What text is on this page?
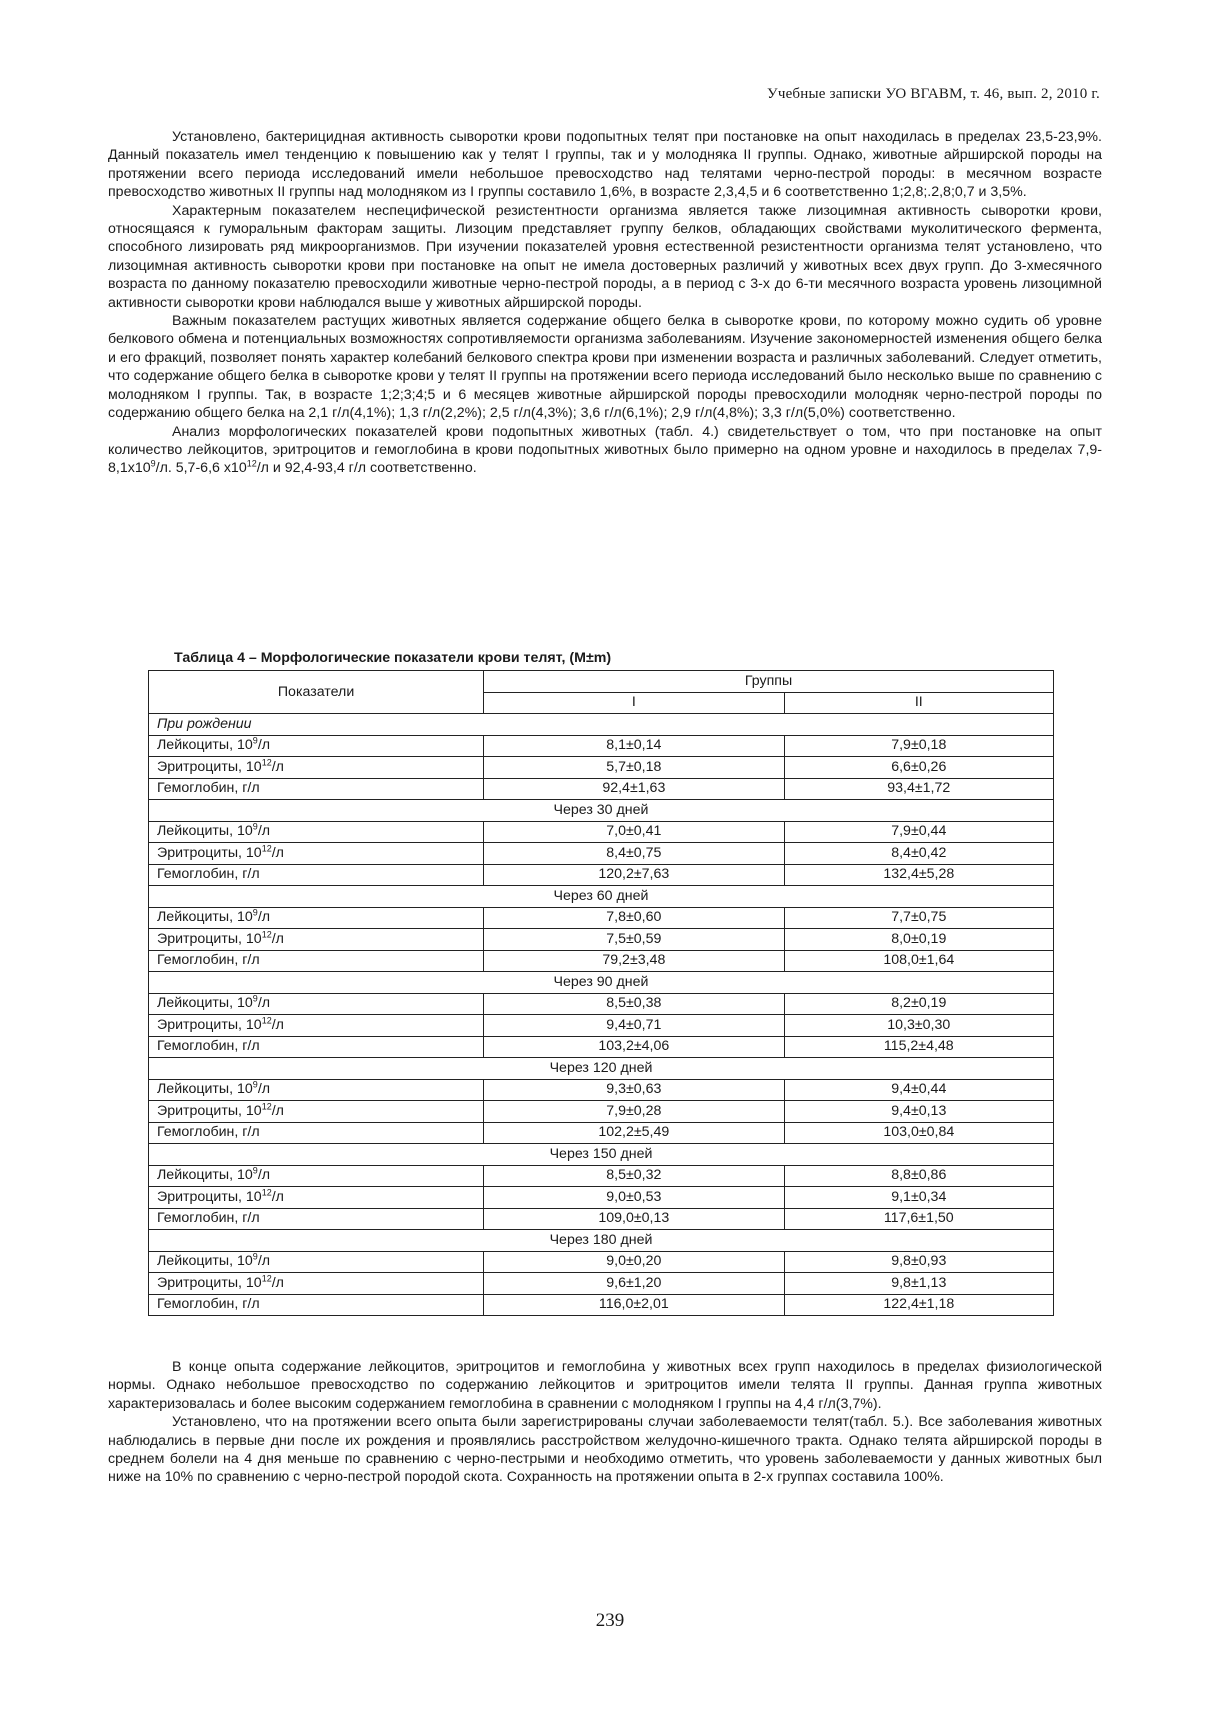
Учебные записки УО ВГАВМ, т. 46, вып. 2, 2010 г.

Установлено, бактерицидная активность сыворотки крови подопытных телят при постановке на опыт находилась в пределах 23,5-23,9%. Данный показатель имел тенденцию к повышению как у телят I группы, так и у молодняка II группы. Однако, животные айрширской породы на протяжении всего периода исследований имели небольшое превосходство над телятами черно-пестрой породы: в месячном возрасте превосходство животных II группы над молодняком из I группы составило 1,6%, в возрасте 2,3,4,5 и 6 соответственно 1;2,8;.2,8;0,7 и 3,5%.

Характерным показателем неспецифической резистентности организма является также лизоцимная активность сыворотки крови, относящаяся к гуморальным факторам защиты. Лизоцим представляет группу белков, обладающих свойствами муколитического фермента, способного лизировать ряд микроорганизмов. При изучении показателей уровня естественной резистентности организма телят установлено, что лизоцимная активность сыворотки крови при постановке на опыт не имела достоверных различий у животных всех двух групп. До 3-хмесячного возраста по данному показателю превосходили животные черно-пестрой породы, а в период с 3-х до 6-ти месячного возраста уровень лизоцимной активности сыворотки крови наблюдался выше у животных айрширской породы.

Важным показателем растущих животных является содержание общего белка в сыворотке крови, по которому можно судить об уровне белкового обмена и потенциальных возможностях сопротивляемости организма заболеваниям. Изучение закономерностей изменения общего белка и его фракций, позволяет понять характер колебаний белкового спектра крови при изменении возраста и различных заболеваний. Следует отметить, что содержание общего белка в сыворотке крови у телят II группы на протяжении всего периода исследований было несколько выше по сравнению с молодняком I группы. Так, в возрасте 1;2;3;4;5 и 6 месяцев животные айрширской породы превосходили молодняк черно-пестрой породы по содержанию общего белка на 2,1 г/л(4,1%); 1,3 г/л(2,2%); 2,5 г/л(4,3%); 3,6 г/л(6,1%); 2,9 г/л(4,8%); 3,3 г/л(5,0%) соответственно.

Анализ морфологических показателей крови подопытных животных (табл. 4.) свидетельствует о том, что при постановке на опыт количество лейкоцитов, эритроцитов и гемоглобина в крови подопытных животных было примерно на одном уровне и находилось в пределах $7,9-8,1х10^9/л$. 5,7-6,6 $х10^{12}/л$ и 92,4-93,4 г/л соответственно.

Таблица 4 – Морфологические показатели крови телят, (M±m)
Показатели	Группы	
	I	II
При рождении		
Лейкоциты, $10^9/л$	8,1±0,14	7,9±0,18
Эритроциты, $10^{12}/л$	5,7±0,18	6,6±0,26
Гемоглобин, г/л	92,4±1,63	93,4±1,72
Через 30 дней		
Лейкоциты, $10^9/л$	7,0±0,41	7,9±0,44
Эритроциты, $10^{12}/л$	8,4±0,75	8,4±0,42
Гемоглобин, г/л	120,2±7,63	132,4±5,28
Через 60 дней		
Лейкоциты, $10^9/л$	7,8±0,60	7,7±0,75
Эритроциты, $10^{12}/л$	7,5±0,59	8,0±0,19
Гемоглобин, г/л	79,2±3,48	108,0±1,64
Через 90 дней		
Лейкоциты, $10^9/л$	8,5±0,38	8,2±0,19
Эритроциты, $10^{12}/л$	9,4±0,71	10,3±0,30
Гемоглобин, г/л	103,2±4,06	115,2±4,48
Через 120 дней		
Лейкоциты, $10^9/л$	9,3±0,63	9,4±0,44
Эритроциты, $10^{12}/л$	7,9±0,28	9,4±0,13
Гемоглобин, г/л	102,2±5,49	103,0±0,84
Через 150 дней		
Лейкоциты, $10^9/л$	8,5±0,32	8,8±0,86
Эритроциты, $10^{12}/л$	9,0±0,53	9,1±0,34
Гемоглобин, г/л	109,0±0,13	117,6±1,50
Через 180 дней		
Лейкоциты, $10^9/л$	9,0±0,20	9,8±0,93
Эритроциты, $10^{12}/л$	9,6±1,20	9,8±1,13
Гемоглобин, г/л	116,0±2,01	122,4±1,18

В конце опыта содержание лейкоцитов, эритроцитов и гемоглобина у животных всех групп находилось в пределах физиологической нормы. Однако небольшое превосходство по содержанию лейкоцитов и эритроцитов имели телята II группы. Данная группа животных характеризовалась и более высоким содержанием гемоглобина в сравнении с молодняком I группы на 4,4 г/л(3,7%).

Установлено, что на протяжении всего опыта были зарегистрированы случаи заболеваемости телят(табл. 5.). Все заболевания животных наблюдались в первые дни после их рождения и проявлялись расстройством желудочно-кишечного тракта. Однако телята айрширской породы в среднем болели на 4 дня меньше по сравнению с черно-пестрыми и необходимо отметить, что уровень заболеваемости у данных животных был ниже на 10% по сравнению с черно-пестрой породой скота. Сохранность на протяжении опыта в 2-х группах составила 100%.

239
